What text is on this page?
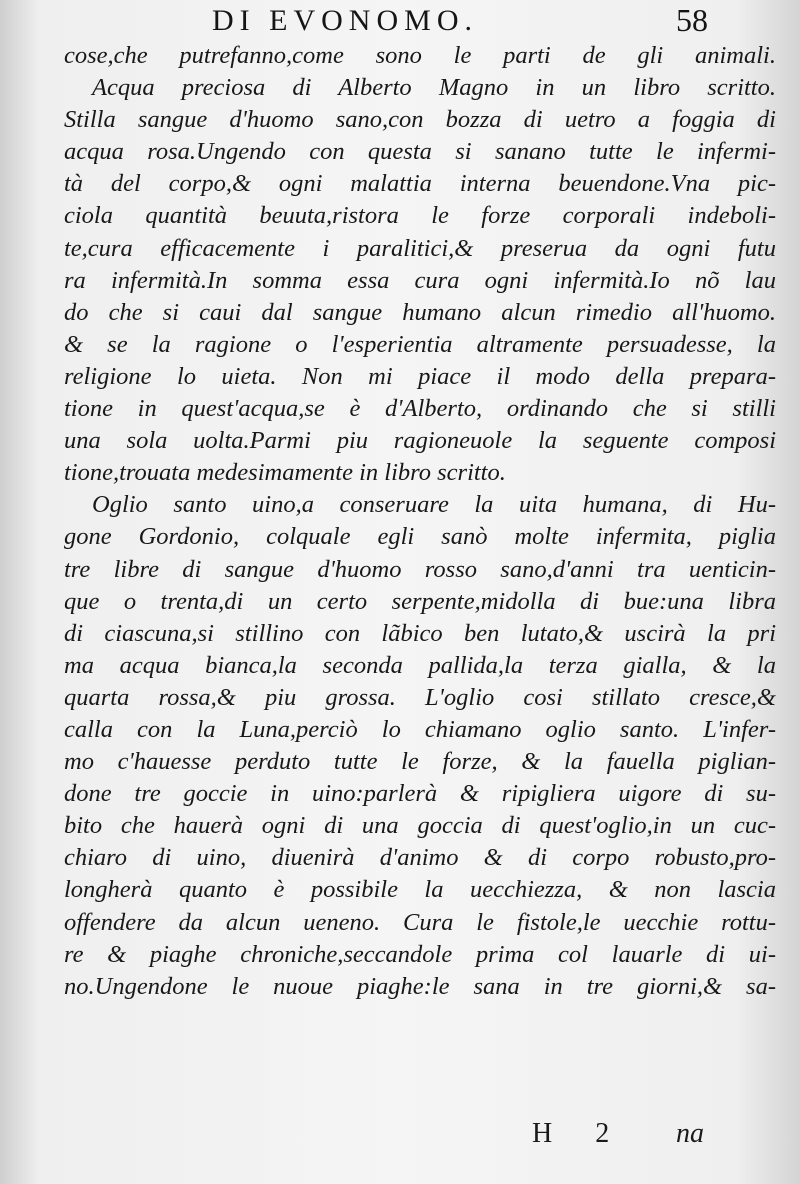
DI EVONOMO.	58
cose,che putrefanno,come sono le parti de gli animali.
Acqua preciosa di Alberto Magno in un libro scritto.
Stilla sangue d'huomo sano,con bozza di uetro a foggia di
acqua rosa.Ungendo con questa si sanano tutte le infermi-
tà del corpo,& ogni malattia interna beuendone.Vna pic-
ciola quantità beuuta,ristora le forze corporali indeboli-
te,cura efficacemente i paralitici,& preserua da ogni futu
ra infermità.In somma essa cura ogni infermità.Io nõ lau
do che si caui dal sangue humano alcun rimedio all'huomo.
& se la ragione o l'esperientia altramente persuadesse, la
religione lo uieta. Non mi piace il modo della prepara-
tione in quest'acqua,se è d'Alberto, ordinando che si stilli
una sola uolta.Parmi piu ragioneuole la seguente composi
tione,trouata medesimamente in libro scritto.
Oglio santo uino,a conseruare la uita humana, di Hu-
gone Gordonio, colquale egli sanò molte infermita, piglia
tre libre di sangue d'huomo rosso sano,d'anni tra uenticin-
que o trenta,di un certo serpente,midolla di bue:una libra
di ciascuna,si stillino con lãbico ben lutato,& uscirà la pri
ma acqua bianca,la seconda pallida,la terza gialla, & la
quarta rossa,& piu grossa. L'oglio cosi stillato cresce,&
calla con la Luna,perciò lo chiamano oglio santo. L'infer-
mo c'hauesse perduto tutte le forze, & la fauella piglian-
done tre goccie in uino:parlerà & ripigliera uigore di su-
bito che hauerà ogni di una goccia di quest'oglio,in un cuc-
chiaro di uino, diuenirà d'animo & di corpo robusto,pro-
longherà quanto è possibile la uecchiezza, & non lascia
offendere da alcun ueneno. Cura le fistole,le uecchie rottu-
re & piaghe chroniche,seccandole prima col lauarle di ui-
no.Ungendone le nuoue piaghe:le sana in tre giorni,& sa-
H 2 na
